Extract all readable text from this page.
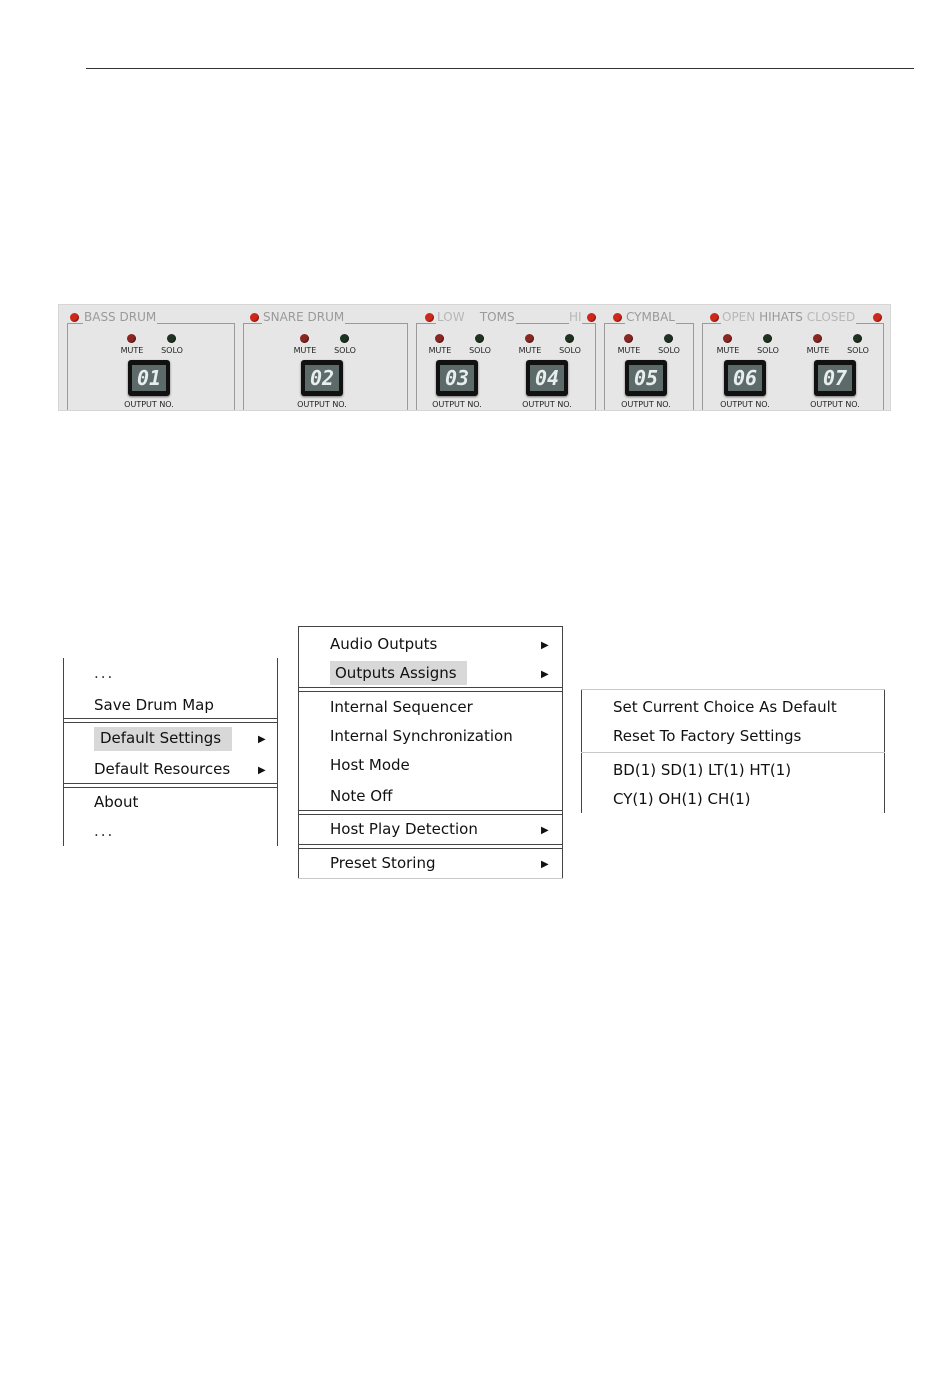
BASS DRUM
MUTE	SOLO
01
OUTPUT NO.
SNARE DRUM
MUTE	SOLO
02
OUTPUT NO.
LOW TOMS	HI
MUTE	SOLO
03
OUTPUT NO.
MUTE	SOLO
04
OUTPUT NO.
CYMBAL
MUTE	SOLO
05
OUTPUT NO.
OPEN HIHATS CLOSED
MUTE	SOLO
06
OUTPUT NO.
MUTE	SOLO
07
OUTPUT NO.
...
Save Drum Map
Default Settings	▶
Default Resources	▶
About
...
Audio Outputs	▶
Outputs Assigns	▶
Internal Sequencer
Internal Synchronization
Host Mode
Note Off
Host Play Detection	▶
Preset Storing	▶
Set Current Choice As Default
Reset To Factory Settings
BD(1) SD(1) LT(1) HT(1)
CY(1) OH(1) CH(1)
